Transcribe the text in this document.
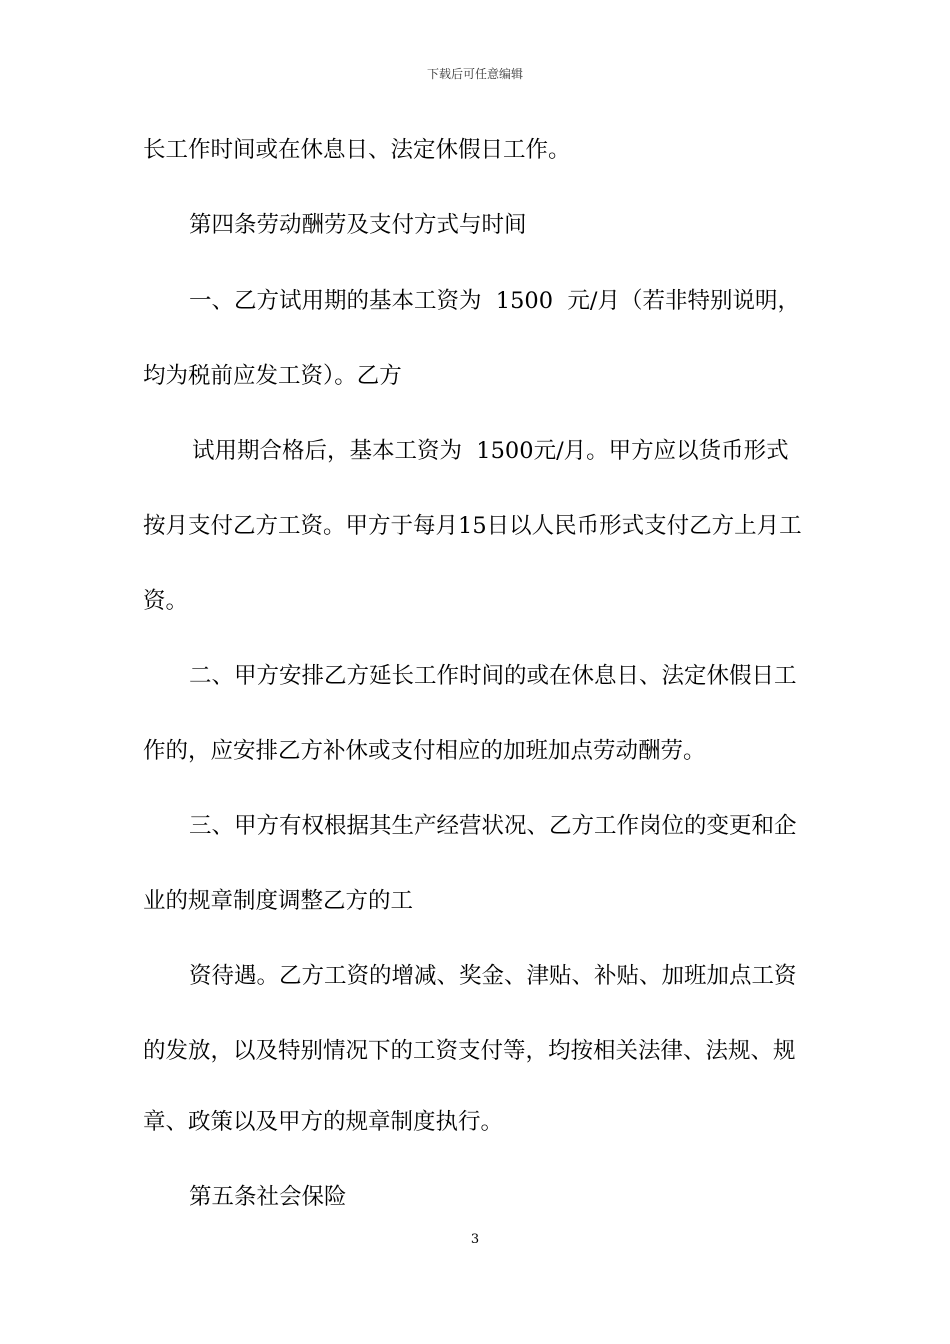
下载后可任意编辑
长工作时间或在休息日、法定休假日工作。
第四条劳动酬劳及支付方式与时间
一、乙方试用期的基本工资为  1500  元/月（若非特别说明，
均为税前应发工资）。乙方
试用期合格后，基本工资为  1500元/月。甲方应以货币形式
按月支付乙方工资。甲方于每月15日以人民币形式支付乙方上月工
资。
二、甲方安排乙方延长工作时间的或在休息日、法定休假日工
作的，应安排乙方补休或支付相应的加班加点劳动酬劳。
三、甲方有权根据其生产经营状况、乙方工作岗位的变更和企
业的规章制度调整乙方的工
资待遇。乙方工资的增减、奖金、津贴、补贴、加班加点工资
的发放，以及特别情况下的工资支付等，均按相关法律、法规、规
章、政策以及甲方的规章制度执行。
第五条社会保险
3
